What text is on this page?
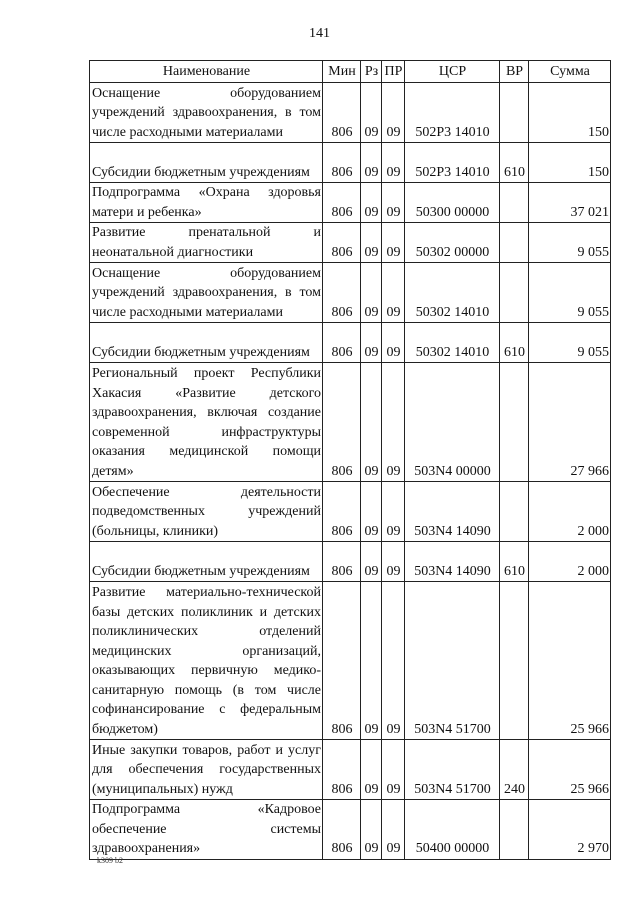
141
Наименование	Мин	Рз	ПР	ЦСР	ВР	Сумма
Оснащение оборудованием учреждений здравоохранения, в том числе расходными материалами	806	09	09	502Р3 14010		150
Субсидии бюджетным учреждениям	806	09	09	502Р3 14010	610	150
Подпрограмма «Охрана здоровья матери и ребенка»	806	09	09	50300 00000		37 021
Развитие пренатальной и неонатальной диагностики	806	09	09	50302 00000		9 055
Оснащение оборудованием учреждений здравоохранения, в том числе расходными материалами	806	09	09	50302 14010		9 055
Субсидии бюджетным учреждениям	806	09	09	50302 14010	610	9 055
Региональный проект Республики Хакасия «Развитие детского здравоохранения, включая создание современной инфраструктуры оказания медицинской помощи детям»	806	09	09	503N4 00000		27 966
Обеспечение деятельности подведомственных учреждений (больницы, клиники)	806	09	09	503N4 14090		2 000
Субсидии бюджетным учреждениям	806	09	09	503N4 14090	610	2 000
Развитие материально-технической базы детских поликлиник и детских поликлинических отделений медицинских организаций, оказывающих первичную медико-санитарную помощь (в том числе софинансирование с федеральным бюджетом)	806	09	09	503N4 51700		25 966
Иные закупки товаров, работ и услуг для обеспечения государственных (муниципальных) нужд	806	09	09	503N4 51700	240	25 966
Подпрограмма «Кадровое обеспечение системы здравоохранения»	806	09	09	50400 00000		2 970
k309 b2
